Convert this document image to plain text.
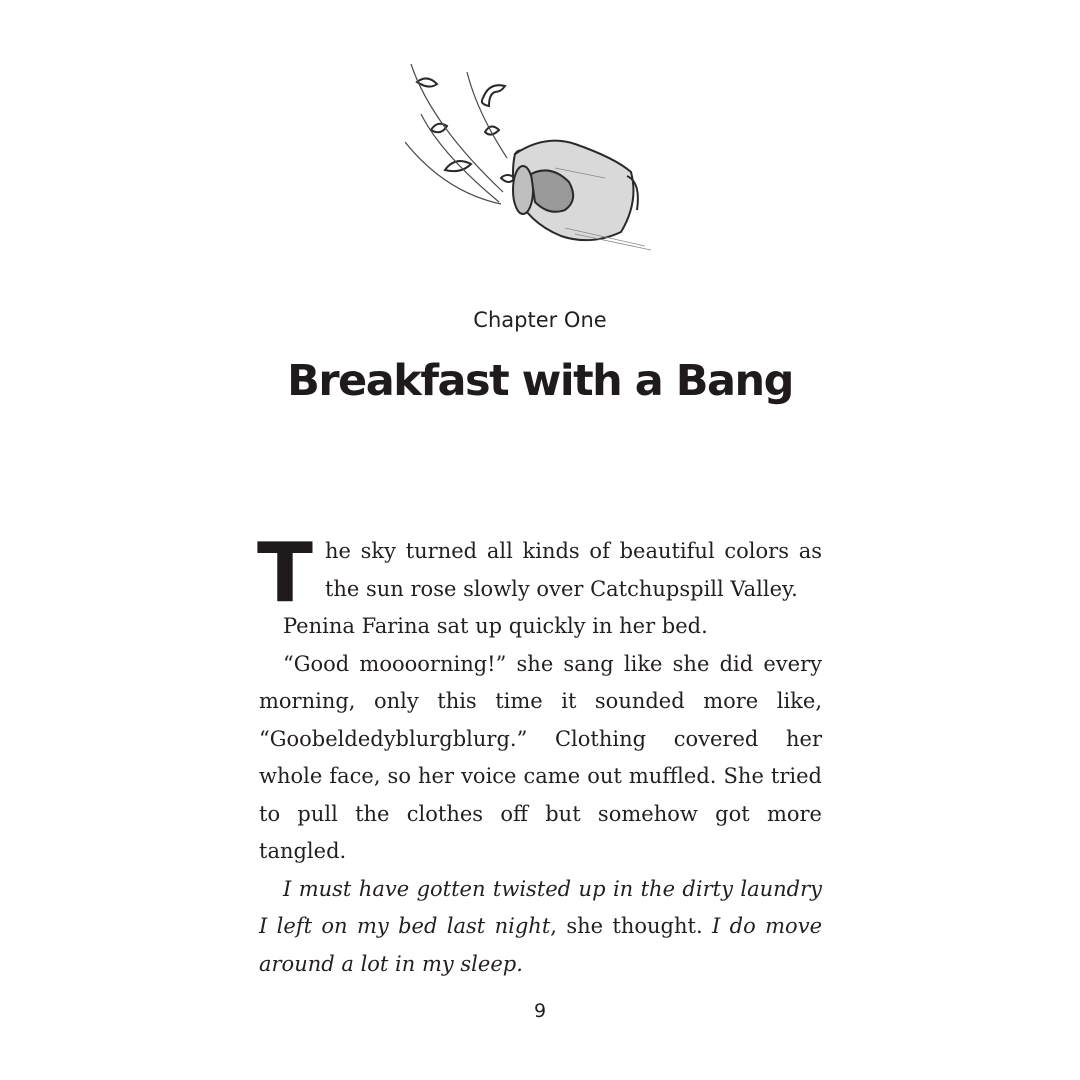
Chapter One
Breakfast with a Bang

The sky turned all kinds of beautiful colors as the sun rose slowly over Catchupspill Valley.

Penina Farina sat up quickly in her bed.

“Good moooorning!” she sang like she did every morning, only this time it sounded more like, “Goobeldedyblurgblurg.” Clothing covered her whole face, so her voice came out muffled. She tried to pull the clothes off but somehow got more tangled.

I must have gotten twisted up in the dirty laundry I left on my bed last night, she thought. I do move around a lot in my sleep.

9
